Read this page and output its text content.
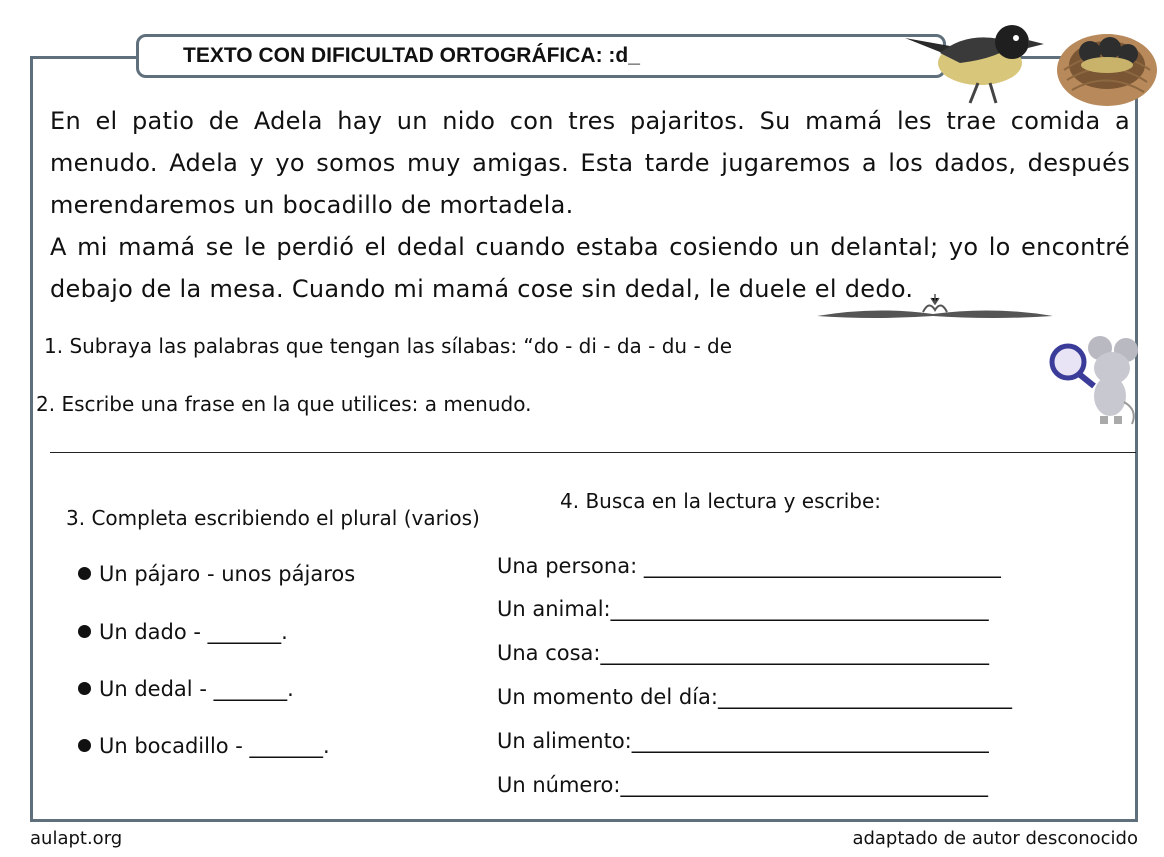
TEXTO CON DIFICULTAD ORTOGRÁFICA: :d_
En el patio de Adela hay un nido con tres pajaritos. Su mamá les trae comida a menudo. Adela y yo somos muy amigas. Esta tarde jugaremos a los dados, después merendaremos un bocadillo de mortadela.
A mi mamá se le perdió el dedal cuando estaba cosiendo un delantal; yo lo encontré debajo de la mesa. Cuando mi mamá cose sin dedal, le duele el dedo.
1. Subraya las palabras que tengan las sílabas: “do - di - da - du - de
2. Escribe una frase en la que utilices: a menudo.
3. Completa escribiendo el plural (varios)
4. Busca en la lectura y escribe:
Un pájaro - unos pájaros
Un dado - _______.
Un dedal - _______.
Un bocadillo - _______.
Una persona: __________________________________
Un animal:____________________________________
Una cosa:_____________________________________
Un momento del día:____________________________
Un alimento:__________________________________
Un número:___________________________________
aulapt.org	adaptado de autor desconocido
